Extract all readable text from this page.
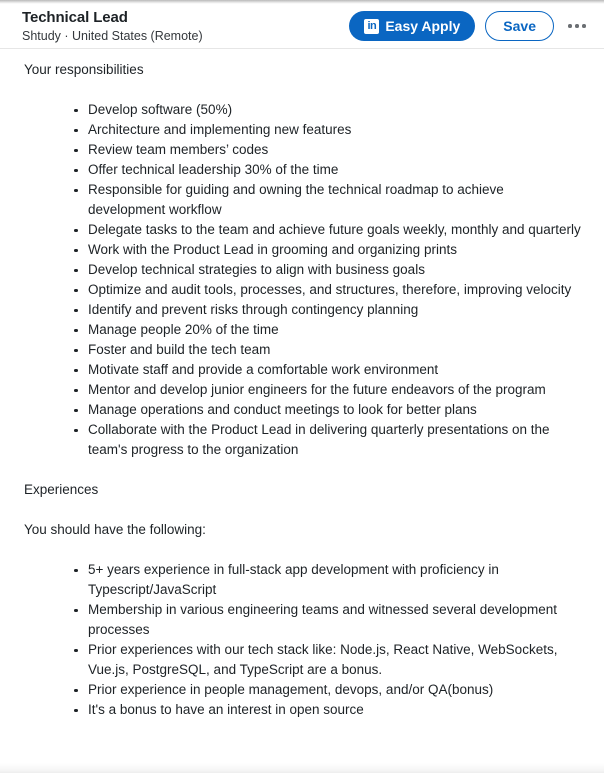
Technical Lead
Shtudy · United States (Remote)
in Easy Apply	Save

Your responsibilities

Develop software (50%)
Architecture and implementing new features
Review team members’ codes
Offer technical leadership 30% of the time
Responsible for guiding and owning the technical roadmap to achieve development workflow
Delegate tasks to the team and achieve future goals weekly, monthly and quarterly
Work with the Product Lead in grooming and organizing prints
Develop technical strategies to align with business goals
Optimize and audit tools, processes, and structures, therefore, improving velocity
Identify and prevent risks through contingency planning
Manage people 20% of the time
Foster and build the tech team
Motivate staff and provide a comfortable work environment
Mentor and develop junior engineers for the future endeavors of the program
Manage operations and conduct meetings to look for better plans
Collaborate with the Product Lead in delivering quarterly presentations on the team's progress to the organization

Experiences

You should have the following:

5+ years experience in full-stack app development with proficiency in Typescript/JavaScript
Membership in various engineering teams and witnessed several development processes
Prior experiences with our tech stack like: Node.js, React Native, WebSockets, Vue.js, PostgreSQL, and TypeScript are a bonus.
Prior experience in people management, devops, and/or QA(bonus)
It's a bonus to have an interest in open source
